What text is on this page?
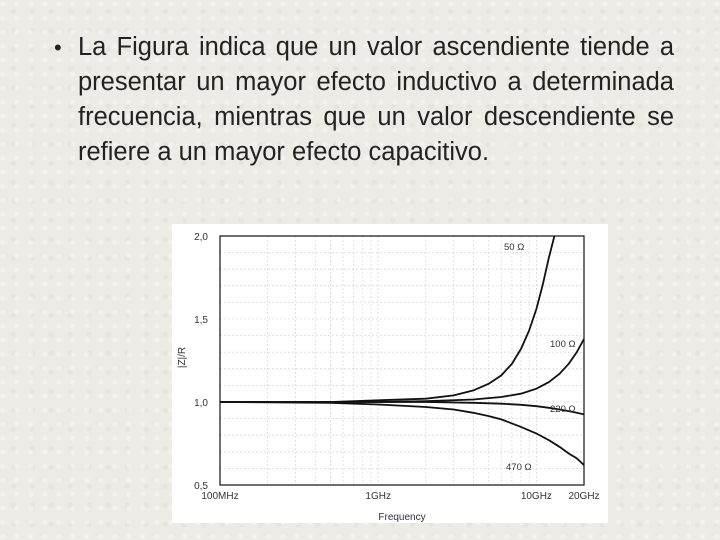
• La Figura indica que un valor ascendiente tiende a presentar un mayor efecto inductivo a determinada frecuencia, mientras que un valor descendiente se refiere a un mayor efecto capacitivo.
2,0
1,5
1,0
0,5
100MHz	1GHz	10GHz 20GHz
Frequency
|Z|/R
50 Ω
100 Ω
220 Ω
470 Ω
